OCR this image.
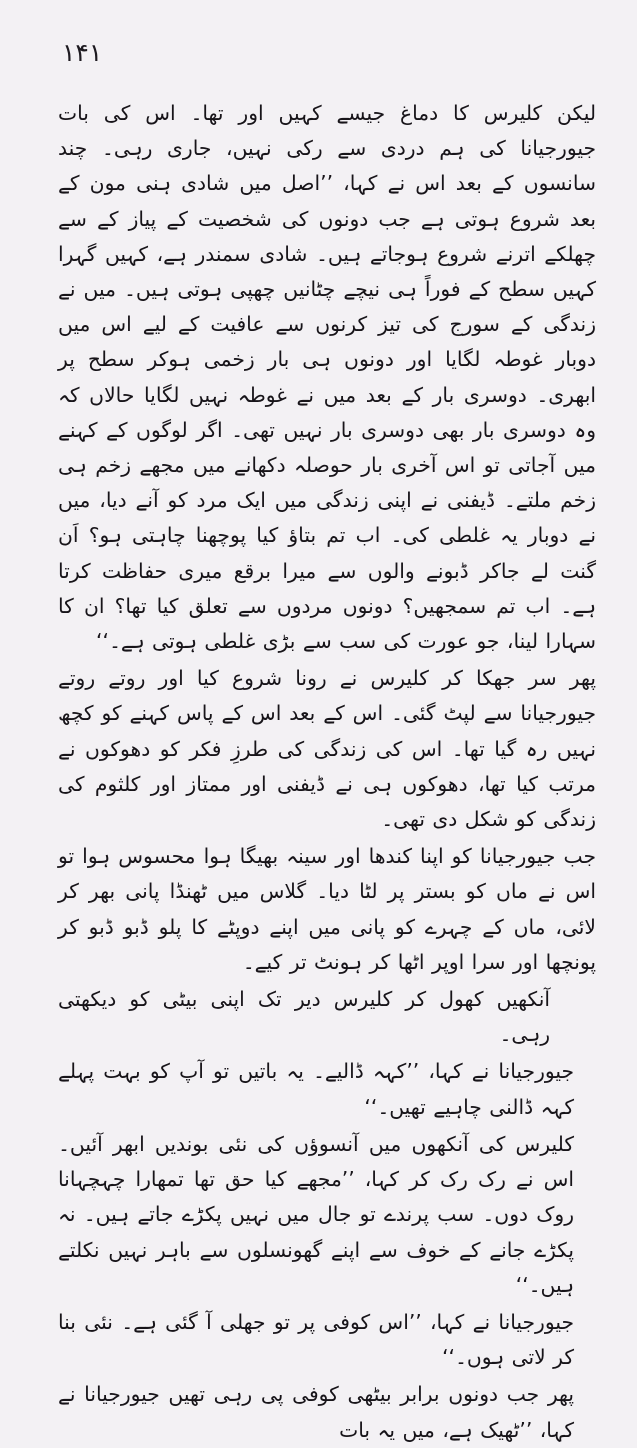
۱۴۱

لیکن کلیرس کا دماغ جیسے کہیں اور تھا۔ اس کی بات جیورجیانا کی ہم دردی سے رکی نہیں، جاری رہی۔ چند سانسوں کے بعد اس نے کہا، ’’اصل میں شادی ہنی مون کے بعد شروع ہوتی ہے جب دونوں کی شخصیت کے پیاز کے سے چھلکے اترنے شروع ہوجاتے ہیں۔ شادی سمندر ہے، کہیں گہرا کہیں سطح کے فوراً ہی نیچے چٹانیں چھپی ہوتی ہیں۔ میں نے زندگی کے سورج کی تیز کرنوں سے عافیت کے لیے اس میں دوبار غوطہ لگایا اور دونوں ہی بار زخمی ہوکر سطح پر ابھری۔ دوسری بار کے بعد میں نے غوطہ نہیں لگایا حالاں کہ وہ دوسری بار بھی دوسری بار نہیں تھی۔ اگر لوگوں کے کہنے میں آجاتی تو اس آخری بار حوصلہ دکھانے میں مجھے زخم ہی زخم ملتے۔ ڈیفنی نے اپنی زندگی میں ایک مرد کو آنے دیا، میں نے دوبار یہ غلطی کی۔ اب تم بتاؤ کیا پوچھنا چاہتی ہو؟ اَن گنت لے جاکر ڈبونے والوں سے میرا برقع میری حفاظت کرتا ہے۔ اب تم سمجھیں؟ دونوں مردوں سے تعلق کیا تھا؟ ان کا سہارا لینا، جو عورت کی سب سے بڑی غلطی ہوتی ہے۔‘‘

پھر سر جھکا کر کلیرس نے رونا شروع کیا اور روتے روتے جیورجیانا سے لپٹ گئی۔ اس کے بعد اس کے پاس کہنے کو کچھ نہیں رہ گیا تھا۔ اس کی زندگی کی طرزِ فکر کو دھوکوں نے مرتب کیا تھا، دھوکوں ہی نے ڈیفنی اور ممتاز اور کلثوم کی زندگی کو شکل دی تھی۔

جب جیورجیانا کو اپنا کندھا اور سینہ بھیگا ہوا محسوس ہوا تو اس نے ماں کو بستر پر لٹا دیا۔ گلاس میں ٹھنڈا پانی بھر کر لائی، ماں کے چہرے کو پانی میں اپنے دوپٹے کا پلو ڈبو ڈبو کر پونچھا اور سرا اوپر اٹھا کر ہونٹ تر کیے۔

آنکھیں کھول کر کلیرس دیر تک اپنی بیٹی کو دیکھتی رہی۔

جیورجیانا نے کہا، ’’کہہ ڈالیے۔ یہ باتیں تو آپ کو بہت پہلے کہہ ڈالنی چاہیے تھیں۔‘‘

کلیرس کی آنکھوں میں آنسوؤں کی نئی بوندیں ابھر آئیں۔ اس نے رک رک کر کہا، ’’مجھے کیا حق تھا تمھارا چہچہانا روک دوں۔ سب پرندے تو جال میں نہیں پکڑے جاتے ہیں۔ نہ پکڑے جانے کے خوف سے اپنے گھونسلوں سے باہر نہیں نکلتے ہیں۔‘‘

جیورجیانا نے کہا، ’’اس کوفی پر تو جھلی آ گئی ہے۔ نئی بنا کر لاتی ہوں۔‘‘

پھر جب دونوں برابر بیٹھی کوفی پی رہی تھیں جیورجیانا نے کہا، ’’ٹھیک ہے، میں یہ بات
